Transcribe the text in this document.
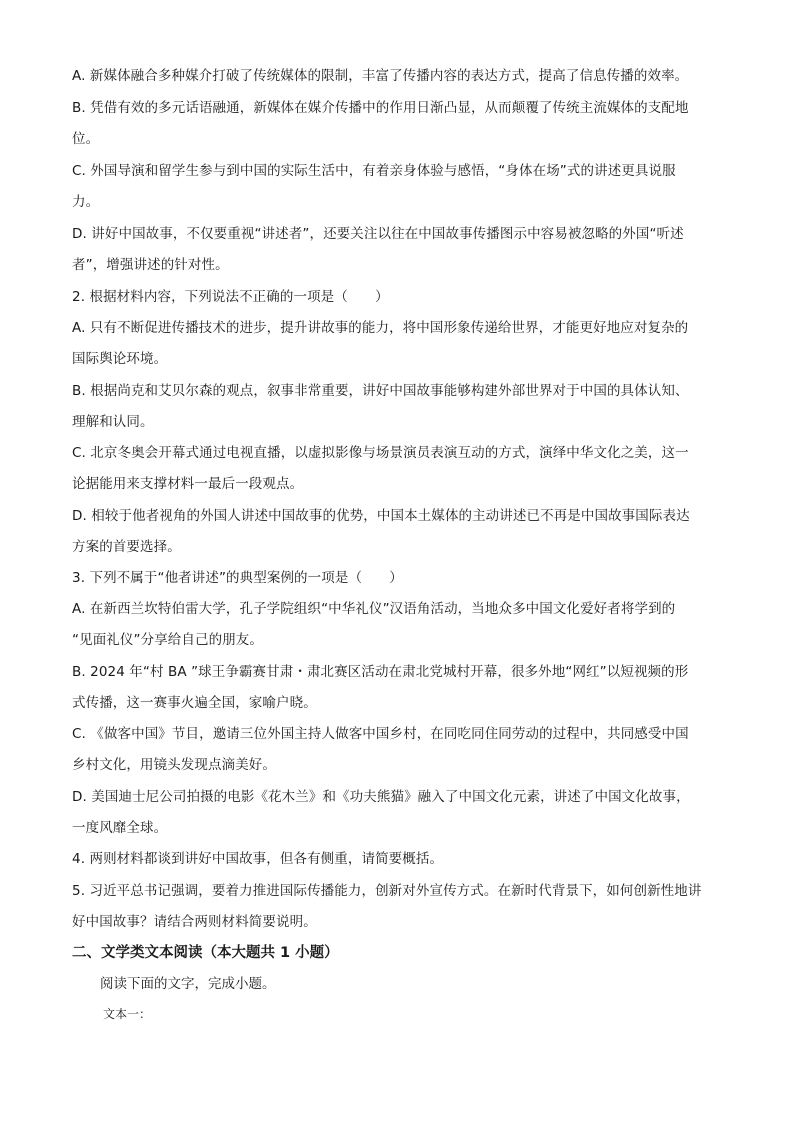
A. 新媒体融合多种媒介打破了传统媒体的限制，丰富了传播内容的表达方式，提高了信息传播的效率。
B. 凭借有效的多元话语融通，新媒体在媒介传播中的作用日渐凸显，从而颠覆了传统主流媒体的支配地
位。
C. 外国导演和留学生参与到中国的实际生活中，有着亲身体验与感悟，“身体在场”式的讲述更具说服
力。
D. 讲好中国故事，不仅要重视“讲述者”，还要关注以往在中国故事传播图示中容易被忽略的外国“听述
者”，增强讲述的针对性。
2. 根据材料内容，下列说法不正确的一项是（　　）
A. 只有不断促进传播技术的进步，提升讲故事的能力，将中国形象传递给世界，才能更好地应对复杂的
国际舆论环境。
B. 根据尚克和艾贝尔森的观点，叙事非常重要，讲好中国故事能够构建外部世界对于中国的具体认知、
理解和认同。
C. 北京冬奥会开幕式通过电视直播，以虚拟影像与场景演员表演互动的方式，演绎中华文化之美，这一
论据能用来支撑材料一最后一段观点。
D. 相较于他者视角的外国人讲述中国故事的优势，中国本土媒体的主动讲述已不再是中国故事国际表达
方案的首要选择。
3. 下列不属于“他者讲述”的典型案例的一项是（　　）
A. 在新西兰坎特伯雷大学，孔子学院组织“中华礼仪”汉语角活动，当地众多中国文化爱好者将学到的
“见面礼仪”分享给自己的朋友。
B. 2024 年“村 BA ”球王争霸赛甘肃・肃北赛区活动在肃北党城村开幕，很多外地“网红”以短视频的形
式传播，这一赛事火遍全国，家喻户晓。
C. 《做客中国》节目，邀请三位外国主持人做客中国乡村，在同吃同住同劳动的过程中，共同感受中国
乡村文化，用镜头发现点滴美好。
D. 美国迪士尼公司拍摄的电影《花木兰》和《功夫熊猫》融入了中国文化元素，讲述了中国文化故事，
一度风靡全球。
4. 两则材料都谈到讲好中国故事，但各有侧重，请简要概括。
5. 习近平总书记强调，要着力推进国际传播能力，创新对外宣传方式。在新时代背景下，如何创新性地讲
好中国故事？请结合两则材料简要说明。
二、文学类文本阅读（本大题共 1 小题）
阅读下面的文字，完成小题。
文本一：
